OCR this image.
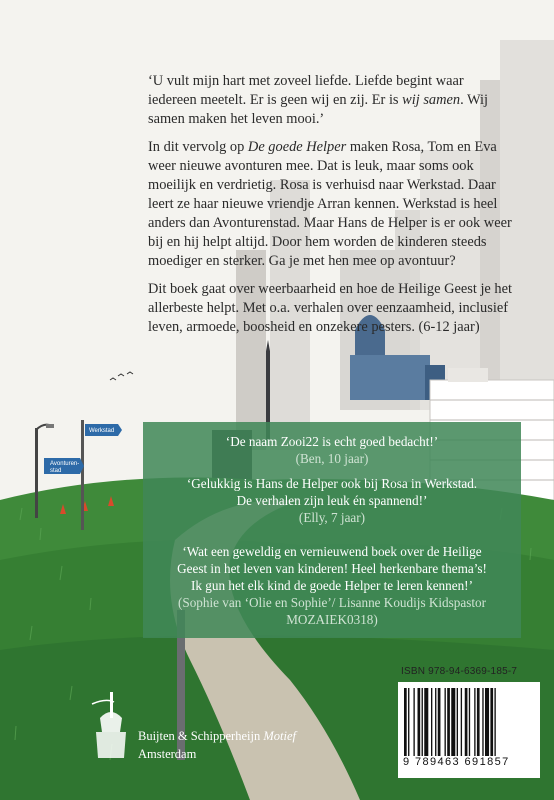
Avonturen-
stad
Werkstad

‘U vult mijn hart met zoveel liefde. Liefde begint waar iedereen meetelt. Er is geen wij en zij. Er is wij samen. Wij samen maken het leven mooi.’

In dit vervolg op De goede Helper maken Rosa, Tom en Eva weer nieuwe avonturen mee. Dat is leuk, maar soms ook moeilijk en verdrietig. Rosa is verhuisd naar Werkstad. Daar leert ze haar nieuwe vriendje Arran kennen. Werkstad is heel anders dan Avonturenstad. Maar Hans de Helper is er ook weer bij en hij helpt altijd. Door hem worden de kinderen steeds moediger en sterker. Ga je met hen mee op avontuur?

Dit boek gaat over weerbaarheid en hoe de Heilige Geest je het allerbeste helpt. Met o.a. verhalen over eenzaamheid, inclusief leven, armoede, boosheid en onzekere pesters. (6-12 jaar)

‘De naam Zooi22 is echt goed bedacht!’
(Ben, 10 jaar)
‘Gelukkig is Hans de Helper ook bij Rosa in Werkstad.
De verhalen zijn leuk én spannend!’
(Elly, 7 jaar)
‘Wat een geweldig en vernieuwend boek over de Heilige
Geest in het leven van kinderen! Heel herkenbare thema’s!
Ik gun het elk kind de goede Helper te leren kennen!’
(Sophie van ‘Olie en Sophie’/ Lisanne Koudijs Kidspastor
MOZAIEK0318)
Buijten & Schipperheijn Motief
Amsterdam
ISBN 978-94-6369-185-7
9 789463 691857
